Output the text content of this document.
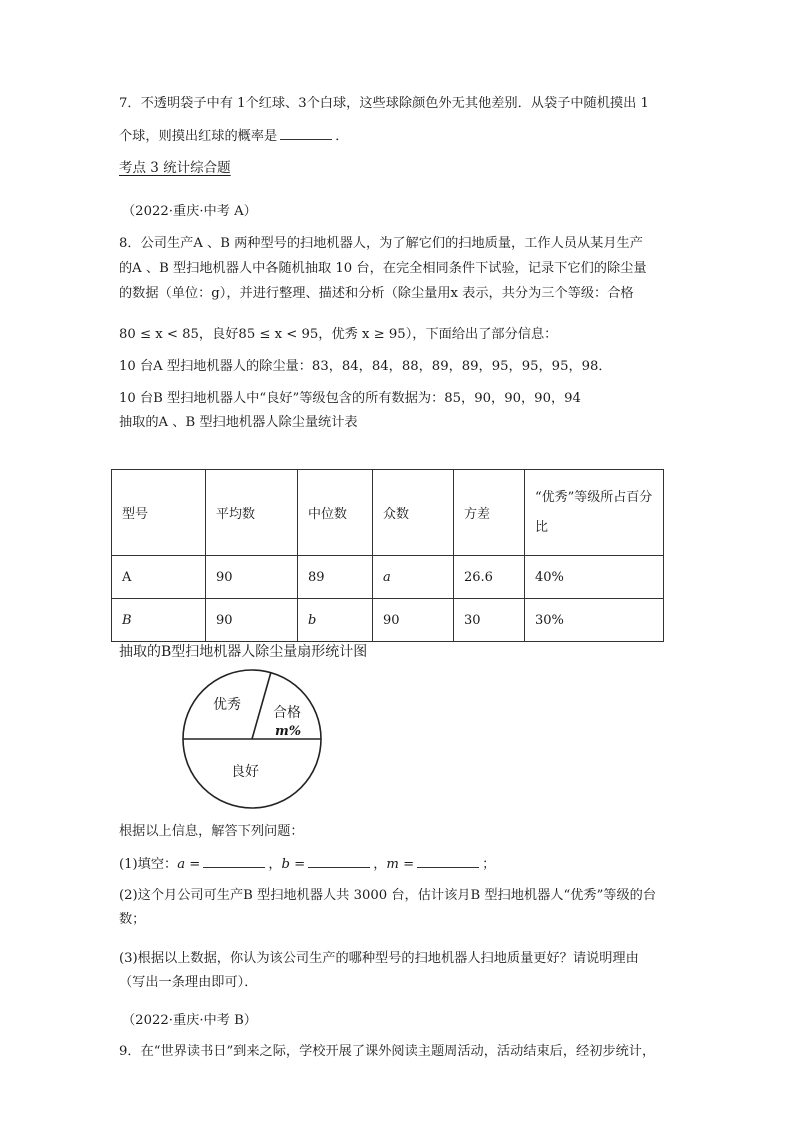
7．不透明袋子中有 1个红球、3个白球，这些球除颜色外无其他差别．从袋子中随机摸出 1
个球，则摸出红球的概率是	．
考点 3 统计综合题
（2022·重庆·中考 A）
8．公司生产A 、B 两种型号的扫地机器人，为了解它们的扫地质量，工作人员从某月生产
的A 、B 型扫地机器人中各随机抽取 10 台，在完全相同条件下试验，记录下它们的除尘量
的数据（单位：g），并进行整理、描述和分析（除尘量用x 表示，共分为三个等级：合格
80 ≤ x < 85，良好85 ≤ x < 95，优秀 x ≥ 95），下面给出了部分信息：
10 台A 型扫地机器人的除尘量：83，84，84，88，89，89，95，95，95，98．
10 台B 型扫地机器人中“良好”等级包含的所有数据为：85，90，90，90，94
抽取的A 、B 型扫地机器人除尘量统计表
型号	平均数	中位数	众数	方差	“优秀”等级所占百分比
A	90	89	a	26.6	40%
B	90	b	90	30	30%
抽取的B型扫地机器人除尘量扇形统计图
优秀 合格
m%
良好
根据以上信息，解答下列问题：
(1)填空：a =	，b =	，m =	；
(2)这个月公司可生产B 型扫地机器人共 3000 台，估计该月B 型扫地机器人“优秀”等级的台
数；
(3)根据以上数据，你认为该公司生产的哪种型号的扫地机器人扫地质量更好？请说明理由
（写出一条理由即可）．
（2022·重庆·中考 B）
9．在“世界读书日”到来之际，学校开展了课外阅读主题周活动，活动结束后，经初步统计，
